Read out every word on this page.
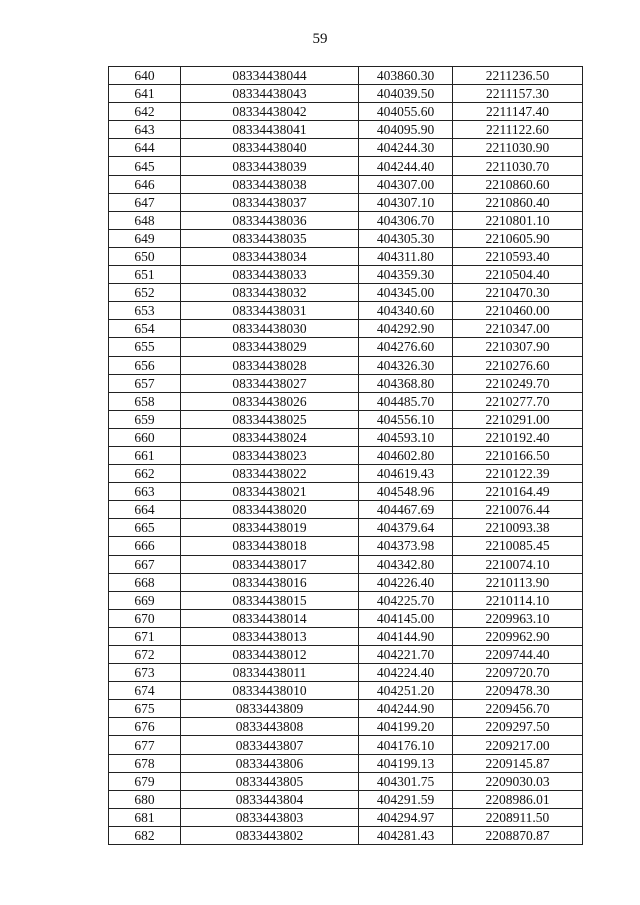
59
640	08334438044	403860.30	2211236.50
641	08334438043	404039.50	2211157.30
642	08334438042	404055.60	2211147.40
643	08334438041	404095.90	2211122.60
644	08334438040	404244.30	2211030.90
645	08334438039	404244.40	2211030.70
646	08334438038	404307.00	2210860.60
647	08334438037	404307.10	2210860.40
648	08334438036	404306.70	2210801.10
649	08334438035	404305.30	2210605.90
650	08334438034	404311.80	2210593.40
651	08334438033	404359.30	2210504.40
652	08334438032	404345.00	2210470.30
653	08334438031	404340.60	2210460.00
654	08334438030	404292.90	2210347.00
655	08334438029	404276.60	2210307.90
656	08334438028	404326.30	2210276.60
657	08334438027	404368.80	2210249.70
658	08334438026	404485.70	2210277.70
659	08334438025	404556.10	2210291.00
660	08334438024	404593.10	2210192.40
661	08334438023	404602.80	2210166.50
662	08334438022	404619.43	2210122.39
663	08334438021	404548.96	2210164.49
664	08334438020	404467.69	2210076.44
665	08334438019	404379.64	2210093.38
666	08334438018	404373.98	2210085.45
667	08334438017	404342.80	2210074.10
668	08334438016	404226.40	2210113.90
669	08334438015	404225.70	2210114.10
670	08334438014	404145.00	2209963.10
671	08334438013	404144.90	2209962.90
672	08334438012	404221.70	2209744.40
673	08334438011	404224.40	2209720.70
674	08334438010	404251.20	2209478.30
675	0833443809	404244.90	2209456.70
676	0833443808	404199.20	2209297.50
677	0833443807	404176.10	2209217.00
678	0833443806	404199.13	2209145.87
679	0833443805	404301.75	2209030.03
680	0833443804	404291.59	2208986.01
681	0833443803	404294.97	2208911.50
682	0833443802	404281.43	2208870.87
